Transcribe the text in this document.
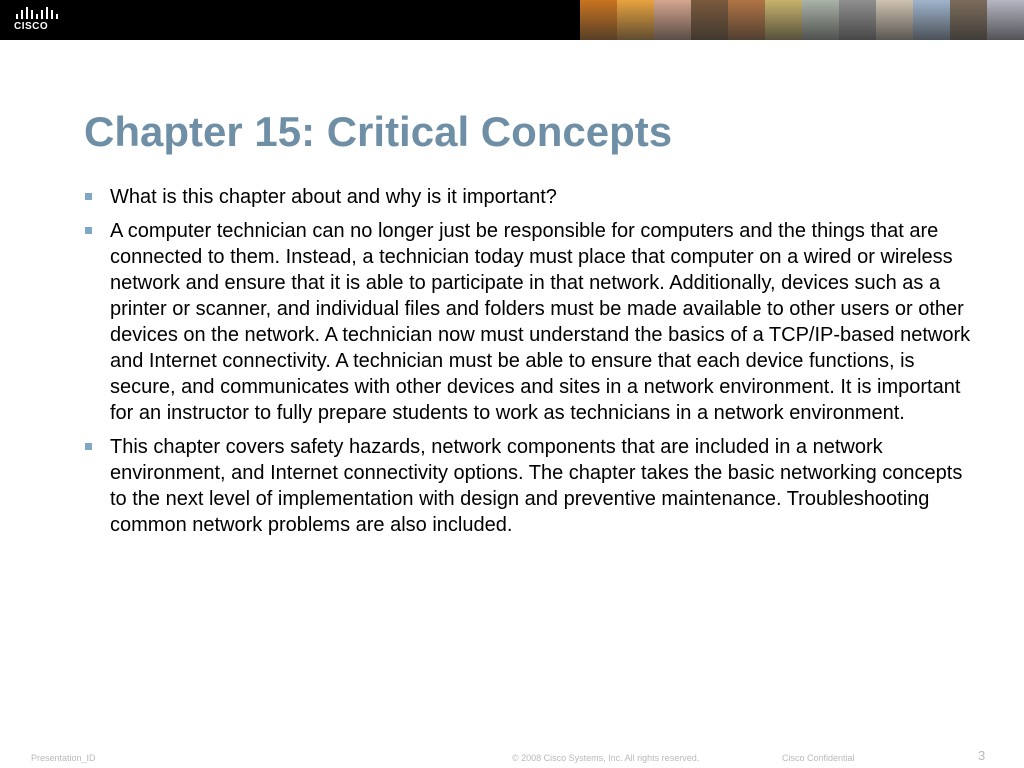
CISCO
Chapter 15: Critical Concepts
What is this chapter about and why is it important?
A computer technician can no longer just be responsible for computers and the things that are connected to them. Instead, a technician today must place that computer on a wired or wireless network and ensure that it is able to participate in that network. Additionally, devices such as a printer or scanner, and individual files and folders must be made available to other users or other devices on the network. A technician now must understand the basics of a TCP/IP-based network and Internet connectivity. A technician must be able to ensure that each device functions, is secure, and communicates with other devices and sites in a network environment. It is important for an instructor to fully prepare students to work as technicians in a network environment.
This chapter covers safety hazards, network components that are included in a network environment, and Internet connectivity options. The chapter takes the basic networking concepts to the next level of implementation with design and preventive maintenance. Troubleshooting common network problems are also included.
Presentation_ID	© 2008 Cisco Systems, Inc. All rights reserved.	Cisco Confidential	3
